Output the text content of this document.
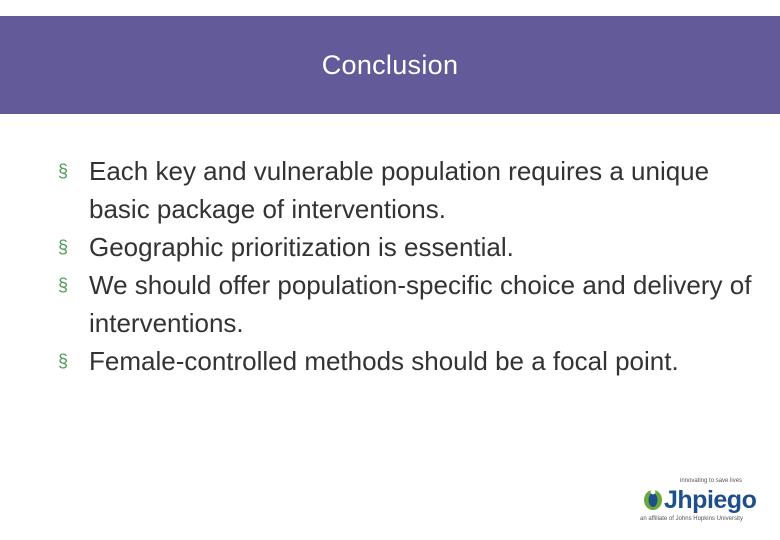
Conclusion
§ Each key and vulnerable population requires a unique basic package of interventions.
§ Geographic prioritization is essential.
§ We should offer population-specific choice and delivery of interventions.
§ Female-controlled methods should be a focal point.
innovating to save lives
Jhpiego
an affiliate of Johns Hopkins University
